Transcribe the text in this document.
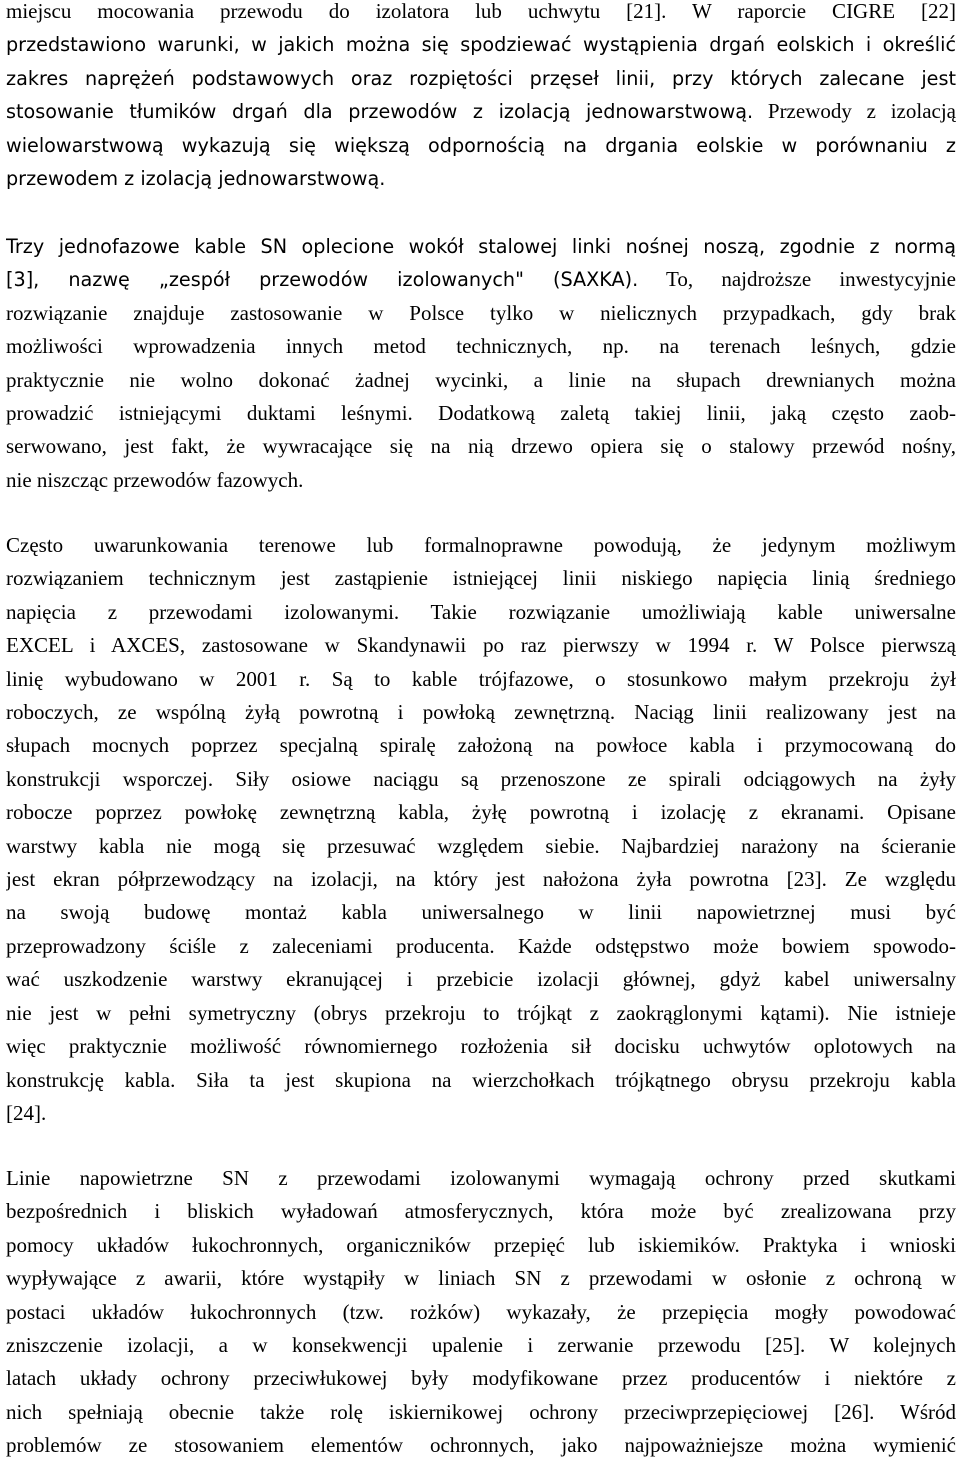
miejscu mocowania przewodu do izolatora lub uchwytu [21]. W raporcie CIGRE [22]
przedstawiono warunki, w jakich można się spodziewać wystąpienia drgań eolskich i określić
zakres naprężeń podstawowych oraz rozpiętości przęseł linii, przy których zalecane jest
stosowanie tłumików drgań dla przewodów z izolacją jednowarstwową. Przewody z izolacją
wielowarstwową wykazują się większą odpornością na drgania eolskie w porównaniu z
przewodem z izolacją jednowarstwową.
Trzy jednofazowe kable SN oplecione wokół stalowej linki nośnej noszą, zgodnie z normą
[3], nazwę „zespół przewodów izolowanych" (SAXKA). To, najdroższe inwestycyjnie
rozwiązanie znajduje zastosowanie w Polsce tylko w nielicznych przypadkach, gdy brak
możliwości wprowadzenia innych metod technicznych, np. na terenach leśnych, gdzie
praktycznie nie wolno dokonać żadnej wycinki, a linie na słupach drewnianych można
prowadzić istniejącymi duktami leśnymi. Dodatkową zaletą takiej linii, jaką często zaob-
serwowano, jest fakt, że wywracające się na nią drzewo opiera się o stalowy przewód nośny,
nie niszcząc przewodów fazowych.
Często uwarunkowania terenowe lub formalnoprawne powodują, że jedynym możliwym
rozwiązaniem technicznym jest zastąpienie istniejącej linii niskiego napięcia linią średniego
napięcia z przewodami izolowanymi. Takie rozwiązanie umożliwiają kable uniwersalne
EXCEL i AXCES, zastosowane w Skandynawii po raz pierwszy w 1994 r. W Polsce pierwszą
linię wybudowano w 2001 r. Są to kable trójfazowe, o stosunkowo małym przekroju żył
roboczych, ze wspólną żyłą powrotną i powłoką zewnętrzną. Naciąg linii realizowany jest na
słupach mocnych poprzez specjalną spiralę założoną na powłoce kabla i przymocowaną do
konstrukcji wsporczej. Siły osiowe naciągu są przenoszone ze spirali odciągowych na żyły
robocze poprzez powłokę zewnętrzną kabla, żyłę powrotną i izolację z ekranami. Opisane
warstwy kabla nie mogą się przesuwać względem siebie. Najbardziej narażony na ścieranie
jest ekran półprzewodzący na izolacji, na który jest nałożona żyła powrotna [23]. Ze względu
na swoją budowę montaż kabla uniwersalnego w linii napowietrznej musi być
przeprowadzony ściśle z zaleceniami producenta. Każde odstępstwo może bowiem spowodo-
wać uszkodzenie warstwy ekranującej i przebicie izolacji głównej, gdyż kabel uniwersalny
nie jest w pełni symetryczny (obrys przekroju to trójkąt z zaokrąglonymi kątami). Nie istnieje
więc praktycznie możliwość równomiernego rozłożenia sił docisku uchwytów oplotowych na
konstrukcję kabla. Siła ta jest skupiona na wierzchołkach trójkątnego obrysu przekroju kabla
[24].
Linie napowietrzne SN z przewodami izolowanymi wymagają ochrony przed skutkami
bezpośrednich i bliskich wyładowań atmosferycznych, która może być zrealizowana przy
pomocy układów łukochronnych, organiczników przepięć lub iskiemików. Praktyka i wnioski
wypływające z awarii, które wystąpiły w liniach SN z przewodami w osłonie z ochroną w
postaci układów łukochronnych (tzw. rożków) wykazały, że przepięcia mogły powodować
zniszczenie izolacji, a w konsekwencji upalenie i zerwanie przewodu [25]. W kolejnych
latach układy ochrony przeciwłukowej były modyfikowane przez producentów i niektóre z
nich spełniają obecnie także rolę iskiernikowej ochrony przeciwprzepięciowej [26]. Wśród
problemów ze stosowaniem elementów ochronnych, jako najpoważniejsze można wymienić
